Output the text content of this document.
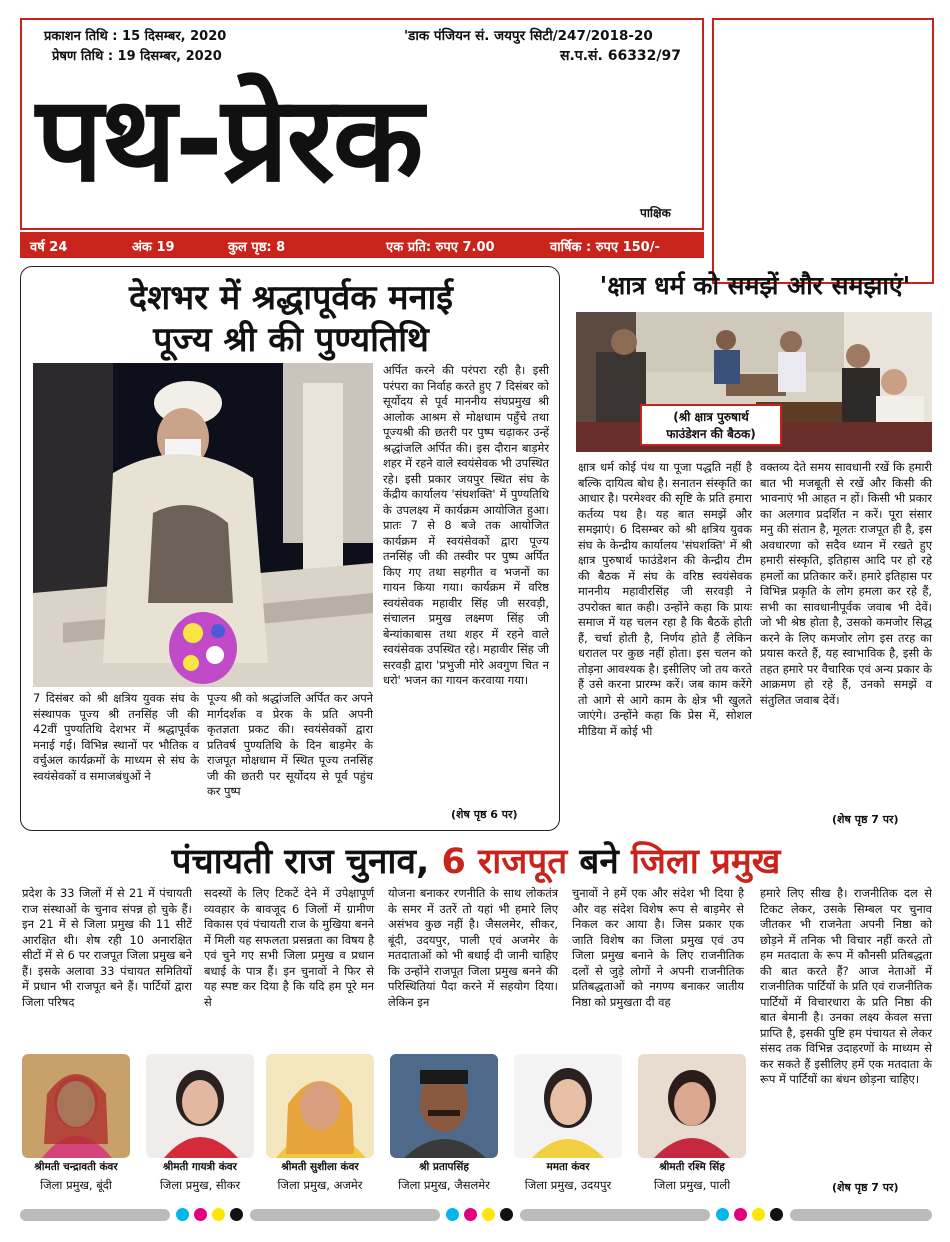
प्रकाशन तिथि : 15 दिसम्बर, 2020
प्रेषण तिथि : 19 दिसम्बर, 2020
'डाक पंजियन सं. जयपुर सिटी/247/2018-20
स.प.सं. 66332/97
पथ-प्रेरक
पाक्षिक
वर्ष 24	अंक 19	कुल पृष्ठ: 8	एक प्रति: रुपए 7.00	वार्षिक : रुपए 150/-
देशभर में श्रद्धापूर्वक मनाई
पूज्य श्री की पुण्यतिथि
अर्पित करने की परंपरा रही है। इसी परंपरा का निर्वाह करते हुए 7 दिसंबर को सूर्योदय से पूर्व माननीय संघप्रमुख श्री आलोक आश्रम से मोक्षधाम पहुँचे तथा पूज्यश्री की छतरी पर पुष्प चढ़ाकर उन्हें श्रद्धांजलि अर्पित की। इस दौरान बाड़मेर शहर में रहने वाले स्वयंसेवक भी उपस्थित रहे। इसी प्रकार जयपुर स्थित संघ के केंद्रीय कार्यालय 'संघशक्ति' में पुण्यतिथि के उपलक्ष्य में कार्यक्रम आयोजित हुआ। प्रातः 7 से 8 बजे तक आयोजित कार्यक्रम में स्वयंसेवकों द्वारा पूज्य तनसिंह जी की तस्वीर पर पुष्प अर्पित किए गए तथा सहगीत व भजनों का गायन किया गया। कार्यक्रम में वरिष्ठ स्वयंसेवक महावीर सिंह जी सरवड़ी, संचालन प्रमुख लक्ष्मण सिंह जी बेन्यांकाबास तथा शहर में रहने वाले स्वयंसेवक उपस्थित रहे। महावीर सिंह जी सरवड़ी द्वारा 'प्रभुजी मोरे अवगुण चित न धरो' भजन का गायन करवाया गया।
7 दिसंबर को श्री क्षत्रिय युवक संघ के संस्थापक पूज्य श्री तनसिंह जी की 42वीं पुण्यतिथि देशभर में श्रद्धापूर्वक मनाई गई। विभिन्न स्थानों पर भौतिक व वर्चुअल कार्यक्रमों के माध्यम से संघ के स्वयंसेवकों व समाजबंधुओं ने
पूज्य श्री को श्रद्धांजलि अर्पित कर अपने मार्गदर्शक व प्रेरक के प्रति अपनी कृतज्ञता प्रकट की। स्वयंसेवकों द्वारा प्रतिवर्ष पुण्यतिथि के दिन बाड़मेर के राजपूत मोक्षधाम में स्थित पूज्य तनसिंह जी की छतरी पर सूर्योदय से पूर्व पहुंच कर पुष्प
(शेष पृष्ठ 6 पर)
'क्षात्र धर्म को समझें और समझाएं'
(श्री क्षात्र पुरुषार्थ
फाउंडेशन की बैठक)
क्षात्र धर्म कोई पंथ या पूजा पद्धति नहीं है बल्कि दायित्व बोध है। सनातन संस्कृति का आधार है। परमेश्वर की सृष्टि के प्रति हमारा कर्तव्य पथ है। यह बात समझें और समझाएं। 6 दिसम्बर को श्री क्षत्रिय युवक संघ के केन्द्रीय कार्यालय 'संघशक्ति' में श्री क्षात्र पुरुषार्थ फाउंडेशन की केन्द्रीय टीम की बैठक में संघ के वरिष्ठ स्वयंसेवक माननीय महावीरसिंह जी सरवड़ी ने उपरोक्त बात कही। उन्होंने कहा कि प्रायः समाज में यह चलन रहा है कि बैठकें होती हैं, चर्चा होती है, निर्णय होते हैं लेकिन धरातल पर कुछ नहीं होता। इस चलन को तोड़ना आवश्यक है। इसीलिए जो तय करते हैं उसे करना प्रारम्भ करें। जब काम करेंगे तो आगे से आगे काम के क्षेत्र भी खुलते जाएंगे। उन्होंने कहा कि प्रेस में, सोशल मीडिया में कोई भी
वक्तव्य देते समय सावधानी रखें कि हमारी बात भी मजबूती से रखें और किसी की भावनाएं भी आहत न हों। किसी भी प्रकार का अलगाव प्रदर्शित न करें। पूरा संसार मनु की संतान है, मूलतः राजपूत ही है, इस अवधारणा को सदैव ध्यान में रखते हुए हमारी संस्कृति, इतिहास आदि पर हो रहे हमलों का प्रतिकार करें। हमारे इतिहास पर विभिन्न प्रकृति के लोग हमला कर रहे हैं, सभी का सावधानीपूर्वक जवाब भी देवें। जो भी श्रेष्ठ होता है, उसको कमजोर सिद्ध करने के लिए कमजोर लोग इस तरह का प्रयास करते हैं, यह स्वाभाविक है, इसी के तहत हमारे पर वैचारिक एवं अन्य प्रकार के आक्रमण हो रहे हैं, उनको समझें व संतुलित जवाब देवें।
(शेष पृष्ठ 7 पर)
पंचायती राज चुनाव, 6 राजपूत बने जिला प्रमुख
प्रदेश के 33 जिलों में से 21 में पंचायती राज संस्थाओं के चुनाव संपन्न हो चुके हैं। इन 21 में से जिला प्रमुख की 11 सीटें आरक्षित थी। शेष रही 10 अनारक्षित सीटों में से 6 पर राजपूत जिला प्रमुख बने हैं। इसके अलावा 33 पंचायत समितियों में प्रधान भी राजपूत बने हैं। पार्टियों द्वारा जिला परिषद
सदस्यों के लिए टिकटें देने में उपेक्षापूर्ण व्यवहार के बावजूद 6 जिलों में ग्रामीण विकास एवं पंचायती राज के मुखिया बनने में मिली यह सफलता प्रसन्नता का विषय है एवं चुने गए सभी जिला प्रमुख व प्रधान बधाई के पात्र हैं। इन चुनावों ने फिर से यह स्पष्ट कर दिया है कि यदि हम पूरे मन से
योजना बनाकर रणनीति के साथ लोकतंत्र के समर में उतरें तो यहां भी हमारे लिए असंभव कुछ नहीं है। जैसलमेर, सीकर, बूंदी, उदयपुर, पाली एवं अजमेर के मतदाताओं को भी बधाई दी जानी चाहिए कि उन्होंने राजपूत जिला प्रमुख बनने की परिस्थितियां पैदा करने में सहयोग दिया। लेकिन इन
चुनावों ने हमें एक और संदेश भी दिया है और वह संदेश विशेष रूप से बाड़मेर से निकल कर आया है। जिस प्रकार एक जाति विशेष का जिला प्रमुख एवं उप जिला प्रमुख बनाने के लिए राजनीतिक दलों से जुड़े लोगों ने अपनी राजनीतिक प्रतिबद्धताओं को नगण्य बनाकर जातीय निष्ठा को प्रमुखता दी वह
हमारे लिए सीख है। राजनीतिक दल से टिकट लेकर, उसके सिम्बल पर चुनाव जीतकर भी राजनेता अपनी निष्ठा को छोड़ने में तनिक भी विचार नहीं करते तो हम मतदाता के रूप में कौनसी प्रतिबद्धता की बात करते हैं? आज नेताओं में राजनीतिक पार्टियों के प्रति एवं राजनीतिक पार्टियों में विचारधारा के प्रति निष्ठा की बात बेमानी है। उनका लक्ष्य केवल सत्ता प्राप्ति है, इसकी पुष्टि हम पंचायत से लेकर संसद तक विभिन्न उदाहरणों के माध्यम से कर सकते हैं इसीलिए हमें एक मतदाता के रूप में पार्टियों का बंधन छोड़ना चाहिए।
(शेष पृष्ठ 7 पर)
श्रीमती चन्द्रावती कंवर
जिला प्रमुख, बूंदी
श्रीमती गायत्री कंवर
जिला प्रमुख, सीकर
श्रीमती सुशीला कंवर
जिला प्रमुख, अजमेर
श्री प्रतापसिंह
जिला प्रमुख, जैसलमेर
ममता कंवर
जिला प्रमुख, उदयपुर
श्रीमती रश्मि सिंह
जिला प्रमुख, पाली
